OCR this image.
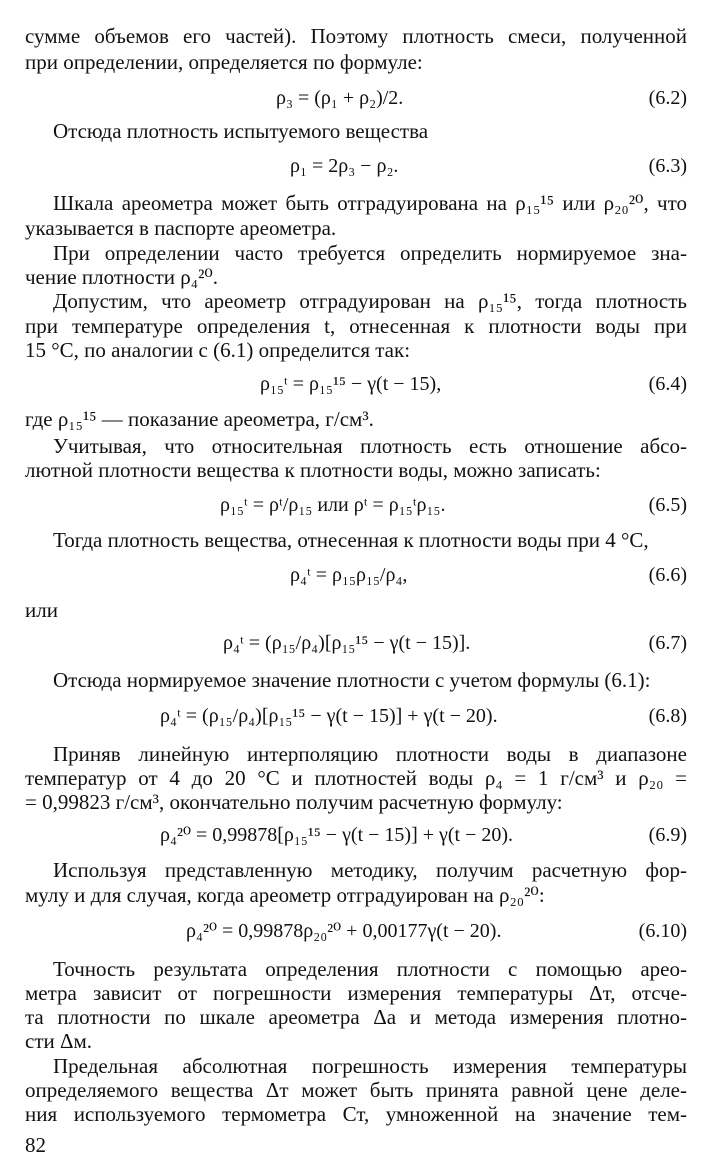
сумме объемов его частей). Поэтому плотность смеси, полученной
при определении, определяется по формуле:
ρ₃ = (ρ₁ + ρ₂)/2.	(6.2)
Отсюда плотность испытуемого вещества
ρ₁ = 2ρ₃ − ρ₂.	(6.3)
Шкала ареометра может быть отградуирована на ρ₁₅¹⁵ или ρ₂₀²⁰, что
указывается в паспорте ареометра.
При определении часто требуется определить нормируемое зна-
чение плотности ρ₄²⁰.
Допустим, что ареометр отградуирован на ρ₁₅¹⁵, тогда плотность
при температуре определения t, отнесенная к плотности воды при
15 °С, по аналогии с (6.1) определится так:
ρ₁₅ᵗ = ρ₁₅¹⁵ − γ(t − 15),	(6.4)
где ρ₁₅¹⁵ — показание ареометра, г/см³.
Учитывая, что относительная плотность есть отношение абсо-
лютной плотности вещества к плотности воды, можно записать:
ρ₁₅ᵗ = ρᵗ/ρ₁₅ или ρᵗ = ρ₁₅ᵗρ₁₅.	(6.5)
Тогда плотность вещества, отнесенная к плотности воды при 4 °С,
ρ₄ᵗ = ρ₁₅ρ₁₅/ρ₄,	(6.6)
или
ρ₄ᵗ = (ρ₁₅/ρ₄)[ρ₁₅¹⁵ − γ(t − 15)].	(6.7)
Отсюда нормируемое значение плотности с учетом формулы (6.1):
ρ₄ᵗ = (ρ₁₅/ρ₄)[ρ₁₅¹⁵ − γ(t − 15)] + γ(t − 20).	(6.8)
Приняв линейную интерполяцию плотности воды в диапазоне
температур от 4 до 20 °С и плотностей воды ρ₄ = 1 г/см³ и ρ₂₀ =
= 0,99823 г/см³, окончательно получим расчетную формулу:
ρ₄²⁰ = 0,99878[ρ₁₅¹⁵ − γ(t − 15)] + γ(t − 20).	(6.9)
Используя представленную методику, получим расчетную фор-
мулу и для случая, когда ареометр отградуирован на ρ₂₀²⁰:
ρ₄²⁰ = 0,99878ρ₂₀²⁰ + 0,00177γ(t − 20).	(6.10)
Точность результата определения плотности с помощью арео-
метра зависит от погрешности измерения температуры Δт, отсче-
та плотности по шкале ареометра Δа и метода измерения плотно-
сти Δм.
Предельная абсолютная погрешность измерения температуры
определяемого вещества Δт может быть принята равной цене деле-
ния используемого термометра Ст, умноженной на значение тем-
82
